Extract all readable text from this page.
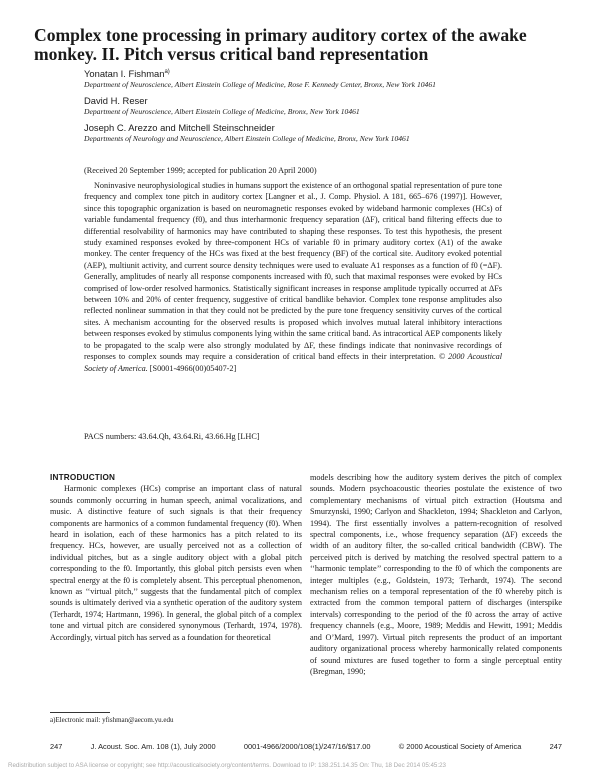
Complex tone processing in primary auditory cortex of the awake monkey. II. Pitch versus critical band representation

Yonatan I. Fishman$^{a)}$

Department of Neuroscience, Albert Einstein College of Medicine, Rose F. Kennedy Center, Bronx, New York 10461

David H. Reser

Department of Neuroscience, Albert Einstein College of Medicine, Bronx, New York 10461

Joseph C. Arezzo and Mitchell Steinschneider

Departments of Neurology and Neuroscience, Albert Einstein College of Medicine, Bronx, New York 10461

(Received 20 September 1999; accepted for publication 20 April 2000)

Noninvasive neurophysiological studies in humans support the existence of an orthogonal spatial representation of pure tone frequency and complex tone pitch in auditory cortex [Langner et al., J. Comp. Physiol. A 181, 665–676 (1997)]. However, since this topographic organization is based on neuromagnetic responses evoked by wideband harmonic complexes (HCs) of variable fundamental frequency (f0), and thus interharmonic frequency separation (ΔF), critical band filtering effects due to differential resolvability of harmonics may have contributed to shaping these responses. To test this hypothesis, the present study examined responses evoked by three-component HCs of variable f0 in primary auditory cortex (A1) of the awake monkey. The center frequency of the HCs was fixed at the best frequency (BF) of the cortical site. Auditory evoked potential (AEP), multiunit activity, and current source density techniques were used to evaluate A1 responses as a function of f0 (=ΔF). Generally, amplitudes of nearly all response components increased with f0, such that maximal responses were evoked by HCs comprised of low-order resolved harmonics. Statistically significant increases in response amplitude typically occurred at ΔFs between 10% and 20% of center frequency, suggestive of critical bandlike behavior. Complex tone response amplitudes also reflected nonlinear summation in that they could not be predicted by the pure tone frequency sensitivity curves of the cortical sites. A mechanism accounting for the observed results is proposed which involves mutual lateral inhibitory interactions between responses evoked by stimulus components lying within the same critical band. As intracortical AEP components likely to be propagated to the scalp were also strongly modulated by ΔF, these findings indicate that noninvasive recordings of responses to complex sounds may require a consideration of critical band effects in their interpretation. © 2000 Acoustical Society of America. [S0001-4966(00)05407-2]

PACS numbers: 43.64.Qh, 43.64.Ri, 43.66.Hg [LHC]

INTRODUCTION

Harmonic complexes (HCs) comprise an important class of natural sounds commonly occurring in human speech, animal vocalizations, and music. A distinctive feature of such signals is that their frequency components are harmonics of a common fundamental frequency (f0). When heard in isolation, each of these harmonics has a pitch related to its frequency. HCs, however, are usually perceived not as a collection of individual pitches, but as a single auditory object with a global pitch corresponding to the f0. Importantly, this global pitch persists even when spectral energy at the f0 is completely absent. This perceptual phenomenon, known as ‘‘virtual pitch,’’ suggests that the fundamental pitch of complex sounds is ultimately derived via a synthetic operation of the auditory system (Terhardt, 1974; Hartmann, 1996). In general, the global pitch of a complex tone and virtual pitch are considered synonymous (Terhardt, 1974, 1978). Accordingly, virtual pitch has served as a foundation for theoretical

models describing how the auditory system derives the pitch of complex sounds. Modern psychoacoustic theories postulate the existence of two complementary mechanisms of virtual pitch extraction (Houtsma and Smurzynski, 1990; Carlyon and Shackleton, 1994; Shackleton and Carlyon, 1994). The first essentially involves a pattern-recognition of resolved spectral components, i.e., whose frequency separation (ΔF) exceeds the width of an auditory filter, the so-called critical bandwidth (CBW). The perceived pitch is derived by matching the resolved spectral pattern to a ‘‘harmonic template’’ corresponding to the f0 of which the components are integer multiples (e.g., Goldstein, 1973; Terhardt, 1974). The second mechanism relies on a temporal representation of the f0 whereby pitch is extracted from the common temporal pattern of discharges (interspike intervals) corresponding to the period of the f0 across the array of active frequency channels (e.g., Moore, 1989; Meddis and Hewitt, 1991; Meddis and O’Mard, 1997). Virtual pitch represents the product of an important auditory organizational process whereby harmonically related components of sound mixtures are fused together to form a single perceptual entity (Bregman, 1990;

a)Electronic mail: yfishman@aecom.yu.edu

247	J. Acoust. Soc. Am. 108 (1), July 2000	0001-4966/2000/108(1)/247/16/$17.00	© 2000 Acoustical Society of America	247
Redistribution subject to ASA license or copyright; see http://acousticalsociety.org/content/terms. Download to IP: 138.251.14.35 On: Thu, 18 Dec 2014 05:45:23
